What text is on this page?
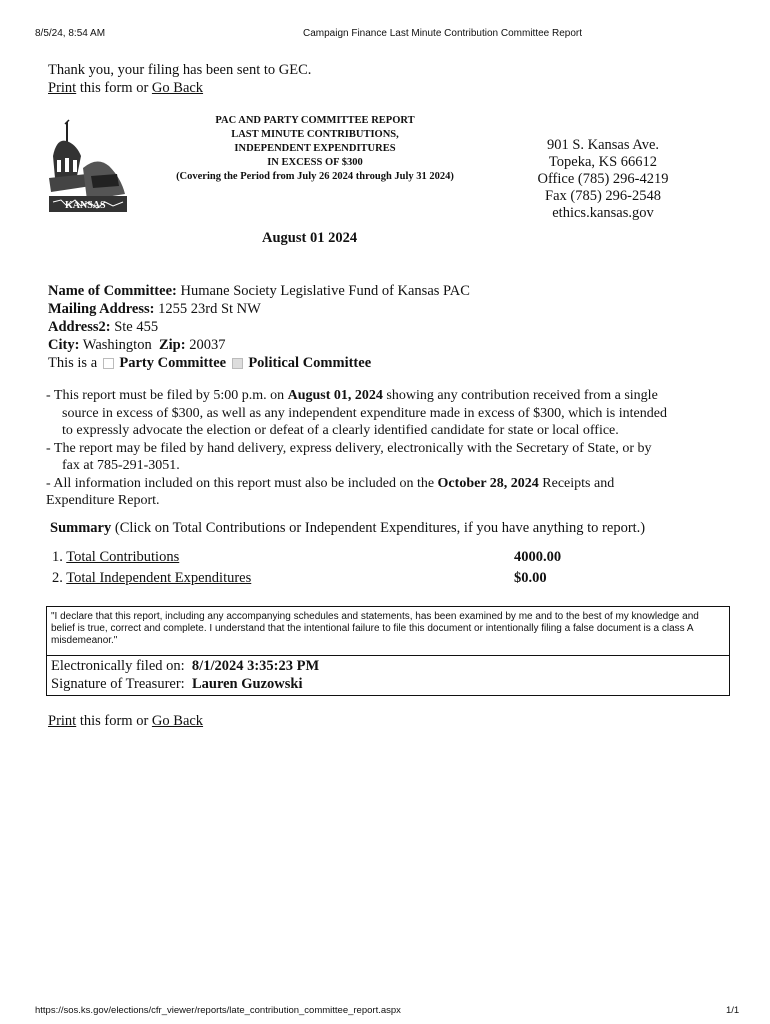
8/5/24, 8:54 AM	Campaign Finance Last Minute Contribution Committee Report
Thank you, your filing has been sent to GEC.
Print this form or Go Back
KANSAS
PAC AND PARTY COMMITTEE REPORT
LAST MINUTE CONTRIBUTIONS,
INDEPENDENT EXPENDITURES
IN EXCESS OF $300
(Covering the Period from July 26 2024 through July 31 2024)
901 S. Kansas Ave.
Topeka, KS 66612
Office (785) 296-4219
Fax (785) 296-2548
ethics.kansas.gov
August 01 2024
Name of Committee: Humane Society Legislative Fund of Kansas PAC
Mailing Address: 1255 23rd St NW
Address2: Ste 455
City: Washington Zip: 20037
This is a Party Committee Political Committee
- This report must be filed by 5:00 p.m. on August 01, 2024 showing any contribution received from a single
source in excess of $300, as well as any independent expenditure made in excess of $300, which is intended
to expressly advocate the election or defeat of a clearly identified candidate for state or local office.
- The report may be filed by hand delivery, express delivery, electronically with the Secretary of State, or by
fax at 785-291-3051.
- All information included on this report must also be included on the October 28, 2024 Receipts and
Expenditure Report.
Summary (Click on Total Contributions or Independent Expenditures, if you have anything to report.)
1. Total Contributions	4000.00
2. Total Independent Expenditures	$0.00
"I declare that this report, including any accompanying schedules and statements, has been examined by me and to the best of my knowledge and belief is true, correct and complete. I understand that the intentional failure to file this document or intentionally filing a false document is a class A misdemeanor."
Electronically filed on: 8/1/2024 3:35:23 PM
Signature of Treasurer: Lauren Guzowski
Print this form or Go Back
https://sos.ks.gov/elections/cfr_viewer/reports/late_contribution_committee_report.aspx	1/1
